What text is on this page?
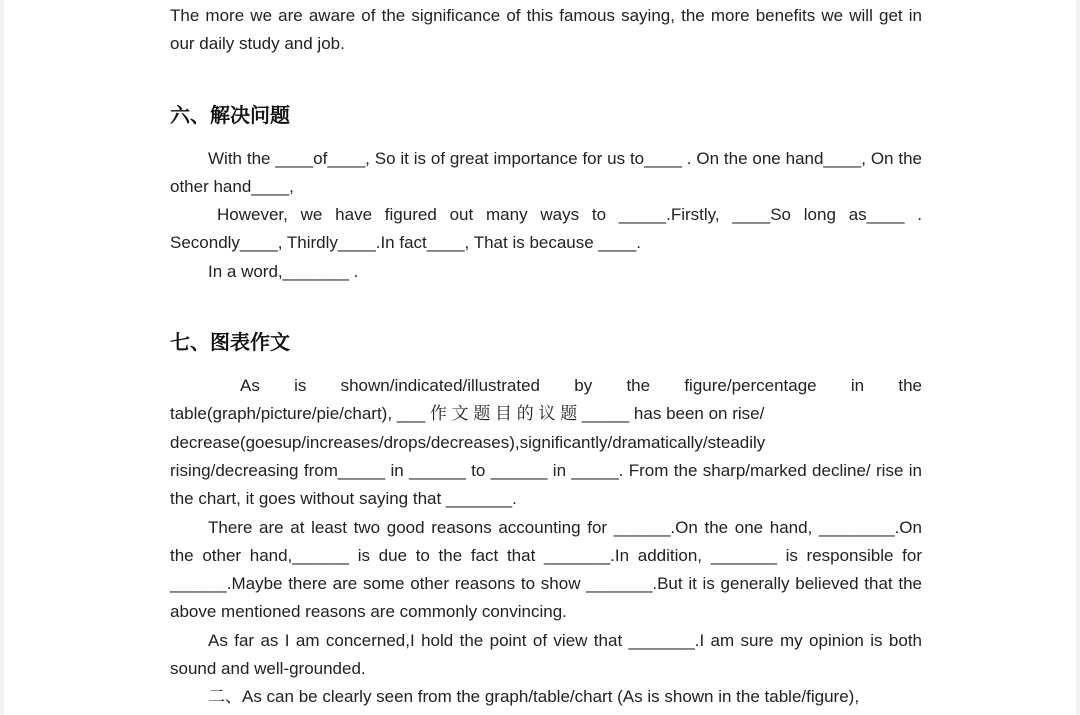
The more we are aware of the significance of this famous saying, the more benefits we will get in our daily study and job.

六、解决问题

With the ____of____, So it is of great importance for us to____ . On the one hand____, On the other hand____,

However, we have figured out many ways to _____.Firstly, ____So long as____ . Secondly____, Thirdly____.In fact____, That is because ____.

In a word,_______ .

七、图表作文

As is shown/indicated/illustrated by the figure/percentage in the table(graph/picture/pie/chart), ___ 作 文 题 目 的 议 题 _____ has been on rise/

decrease(goesup/increases/drops/decreases),significantly/dramatically/steadily

rising/decreasing from_____ in ______ to ______ in _____. From the sharp/marked decline/ rise in the chart, it goes without saying that _______.

There are at least two good reasons accounting for ______.On the one hand, ________.On the other hand,______ is due to the fact that _______.In addition, _______ is responsible for ______.Maybe there are some other reasons to show _______.But it is generally believed that the above mentioned reasons are commonly convincing.

As far as I am concerned,I hold the point of view that _______.I am sure my opinion is both sound and well-grounded.

二、As can be clearly seen from the graph/table/chart (As is shown in the table/figure),
